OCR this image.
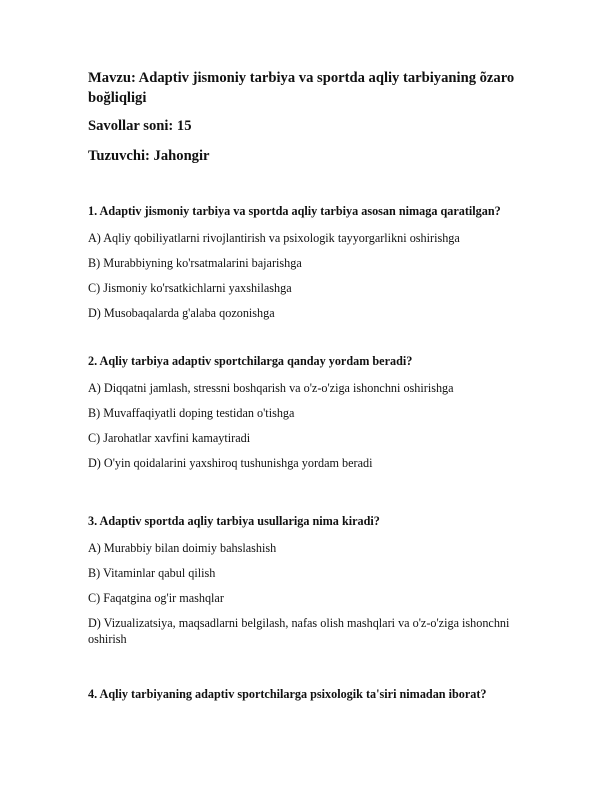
Mavzu: Adaptiv jismoniy tarbiya va sportda aqliy tarbiyaning õzaro boğliqligi

Savollar soni: 15

Tuzuvchi: Jahongir

1. Adaptiv jismoniy tarbiya va sportda aqliy tarbiya asosan nimaga qaratilgan?

A) Aqliy qobiliyatlarni rivojlantirish va psixologik tayyorgarlikni oshirishga

B) Murabbiyning ko'rsatmalarini bajarishga

C) Jismoniy ko'rsatkichlarni yaxshilashga

D) Musobaqalarda g'alaba qozonishga

2. Aqliy tarbiya adaptiv sportchilarga qanday yordam beradi?

A) Diqqatni jamlash, stressni boshqarish va o'z-o'ziga ishonchni oshirishga

B) Muvaffaqiyatli doping testidan o'tishga

C) Jarohatlar xavfini kamaytiradi

D) O'yin qoidalarini yaxshiroq tushunishga yordam beradi

3. Adaptiv sportda aqliy tarbiya usullariga nima kiradi?

A) Murabbiy bilan doimiy bahslashish

B) Vitaminlar qabul qilish

C) Faqatgina og'ir mashqlar

D) Vizualizatsiya, maqsadlarni belgilash, nafas olish mashqlari va o'z-o'ziga ishonchni oshirish

4. Aqliy tarbiyaning adaptiv sportchilarga psixologik ta'siri nimadan iborat?
